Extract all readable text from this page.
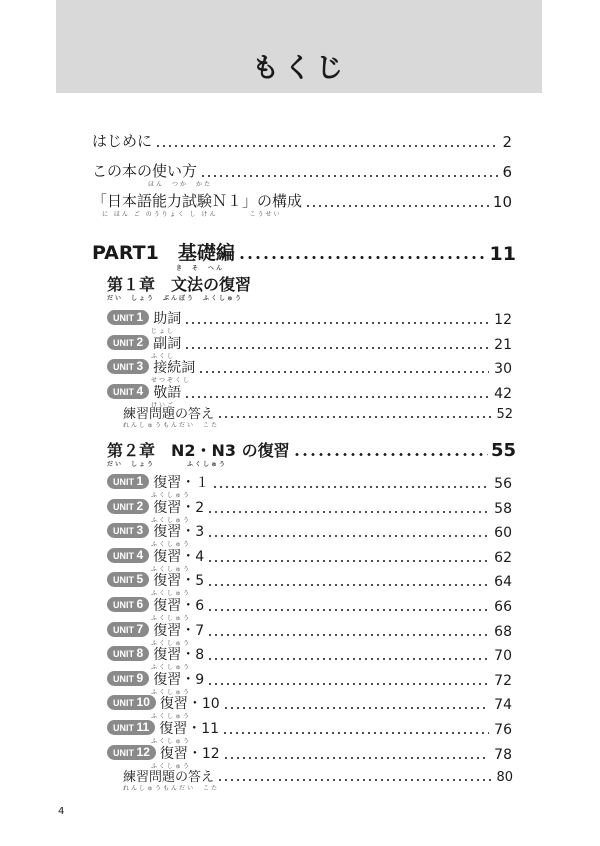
もくじ
はじめに	2
この本の使い方
ほん　つか　かた
6
「日本語能力試験Ｎ１」の構成
に ほん ご のうりょく し けん　　　　こうせい
10
PART1　基礎編
き　そ　へん
11
第１章　文法の復習
だい　しょう　ぶんぽう　ふくしゅう
UNIT 1 助詞
じょし
12
UNIT 2 副詞
ふくし
21
UNIT 3 接続詞
せつぞくし
30
UNIT 4 敬語
けいご
42
練習問題の答え
れんしゅうもんだい　こた
52
第２章　N2・N3 の復習
だい　しょう　　　　ふくしゅう
55
UNIT 1 復習・１
ふくしゅう
56
UNIT 2 復習・2
ふくしゅう
58
UNIT 3 復習・3
ふくしゅう
60
UNIT 4 復習・4
ふくしゅう
62
UNIT 5 復習・5
ふくしゅう
64
UNIT 6 復習・6
ふくしゅう
66
UNIT 7 復習・7
ふくしゅう
68
UNIT 8 復習・8
ふくしゅう
70
UNIT 9 復習・9
ふくしゅう
72
UNIT 10 復習・10
ふくしゅう
74
UNIT 11 復習・11
ふくしゅう
76
UNIT 12 復習・12
ふくしゅう
78
練習問題の答え
れんしゅうもんだい　こた
80
4
